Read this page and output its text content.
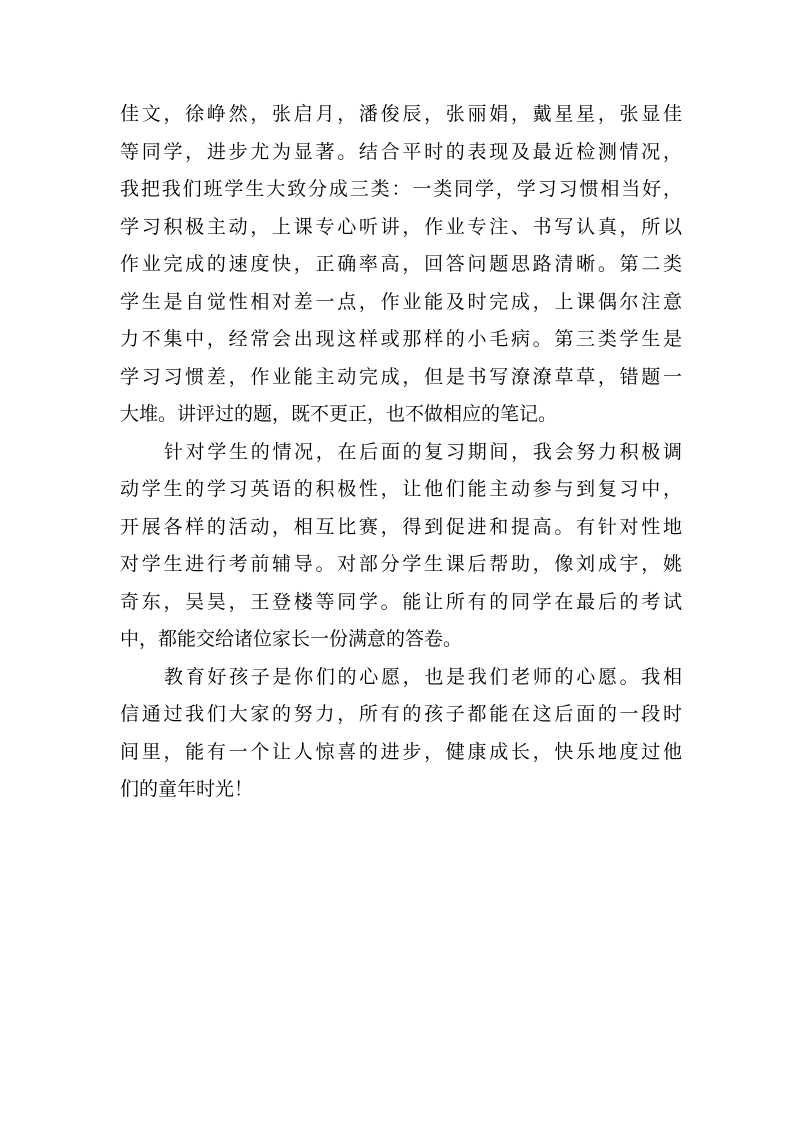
佳文，徐峥然，张启月，潘俊辰，张丽娟，戴星星，张显佳
等同学，进步尤为显著。结合平时的表现及最近检测情况，
我把我们班学生大致分成三类：一类同学，学习习惯相当好，
学习积极主动，上课专心听讲，作业专注、书写认真，所以
作业完成的速度快，正确率高，回答问题思路清晰。第二类
学生是自觉性相对差一点，作业能及时完成，上课偶尔注意
力不集中，经常会出现这样或那样的小毛病。第三类学生是
学习习惯差，作业能主动完成，但是书写潦潦草草，错题一
大堆。讲评过的题，既不更正，也不做相应的笔记。
针对学生的情况，在后面的复习期间，我会努力积极调
动学生的学习英语的积极性，让他们能主动参与到复习中，
开展各样的活动，相互比赛，得到促进和提高。有针对性地
对学生进行考前辅导。对部分学生课后帮助，像刘成宇，姚
奇东，吴昊，王登楼等同学。能让所有的同学在最后的考试
中，都能交给诸位家长一份满意的答卷。
教育好孩子是你们的心愿，也是我们老师的心愿。我相
信通过我们大家的努力，所有的孩子都能在这后面的一段时
间里，能有一个让人惊喜的进步，健康成长，快乐地度过他
们的童年时光！
